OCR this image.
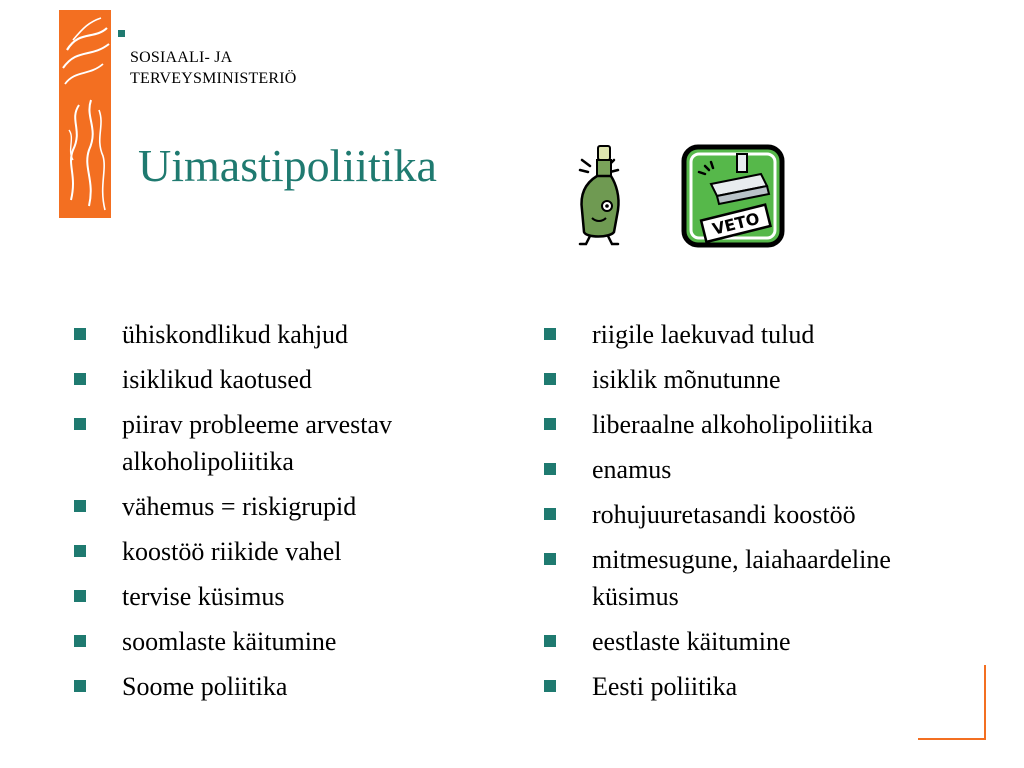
SOSIAALI- JA
TERVEYSMINISTERIÖ
Uimastipoliitika
VETO
ühiskondlikud kahjud
isiklikud kaotused
piirav probleeme arvestav
alkoholipoliitika
vähemus = riskigrupid
koostöö riikide vahel
tervise küsimus
soomlaste käitumine
Soome poliitika
riigile laekuvad tulud
isiklik mõnutunne
liberaalne alkoholipoliitika
enamus
rohujuuretasandi koostöö
mitmesugune, laiahaardeline
küsimus
eestlaste käitumine
Eesti poliitika
